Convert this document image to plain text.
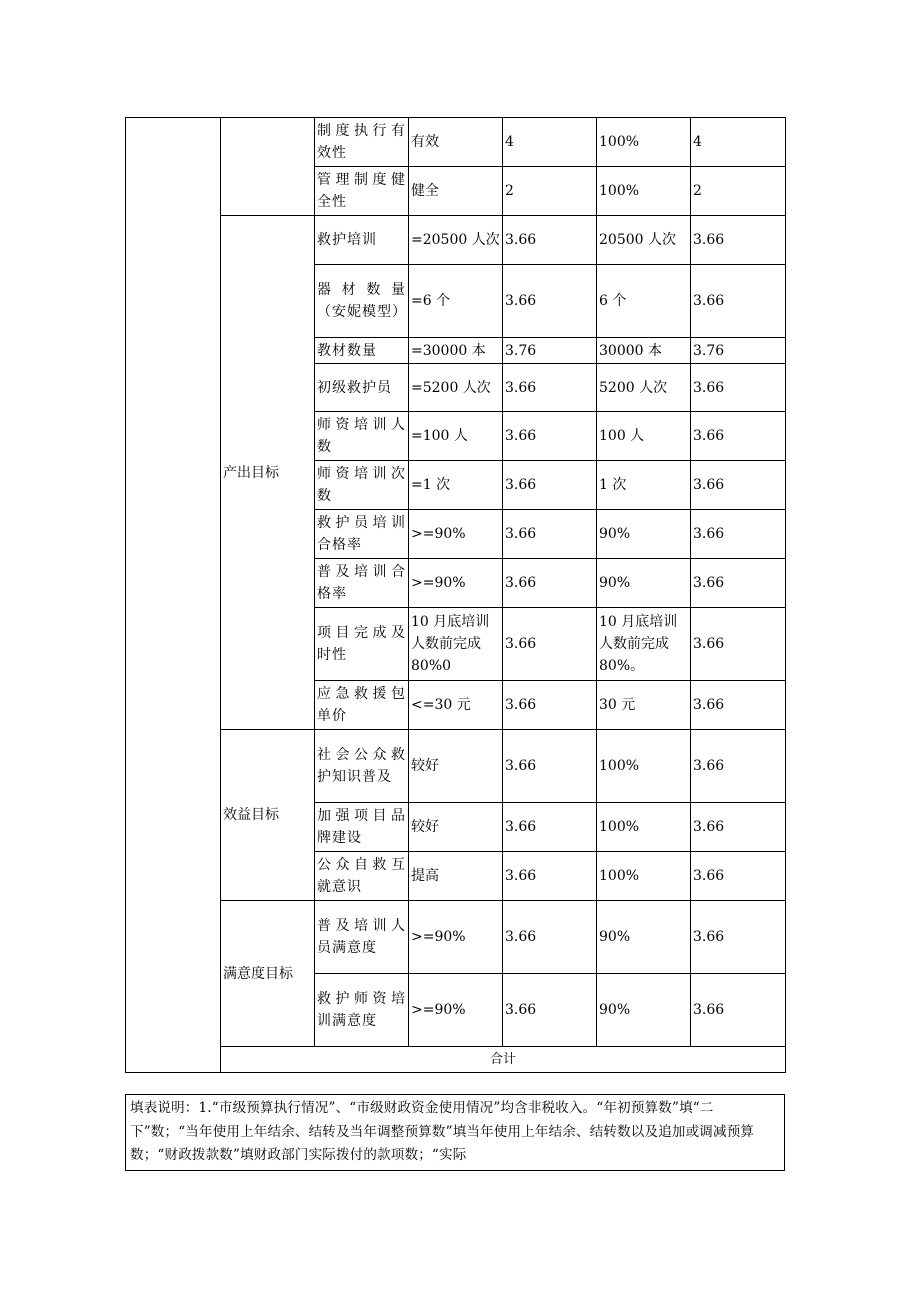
		制度执行有效性	有效	4	100%	4	
		管理制度健全性	健全	2	100%	2	
	产出目标	救护培训	=20500 人次	3.66	20500 人次	3.66	
		器材数量（安妮模型）	=6 个	3.66	6 个	3.66	
		教材数量	=30000 本	3.76	30000 本	3.76	
		初级救护员	=5200 人次	3.66	5200 人次	3.66	
		师资培训人数	=100 人	3.66	100 人	3.66	
		师资培训次数	=1 次	3.66	1 次	3.66	
		救护员培训合格率	>=90%	3.66	90%	3.66	
		普及培训合格率	>=90%	3.66	90%	3.66	
		项目完成及时性	10 月底培训人数前完成80%0	3.66	10 月底培训人数前完成80%。	3.66	
		应急救援包单价	<=30 元	3.66	30 元	3.66	
	效益目标	社会公众救护知识普及	较好	3.66	100%	3.66	
		加强项目品牌建设	较好	3.66	100%	3.66	
		公众自救互就意识	提高	3.66	100%	3.66	
	满意度目标	普及培训人员满意度	>=90%	3.66	90%	3.66	
		救护师资培训满意度	>=90%	3.66	90%	3.66	
	合计	
填表说明：1.“市级预算执行情况”、“市级财政资金使用情况”均含非税收入。“年初预算数”填“二下”数；“当年使用上年结余、结转及当年调整预算数”填当年使用上年结余、结转数以及追加或调减预算数；“财政拨款数”填财政部门实际拨付的款项数；“实际
